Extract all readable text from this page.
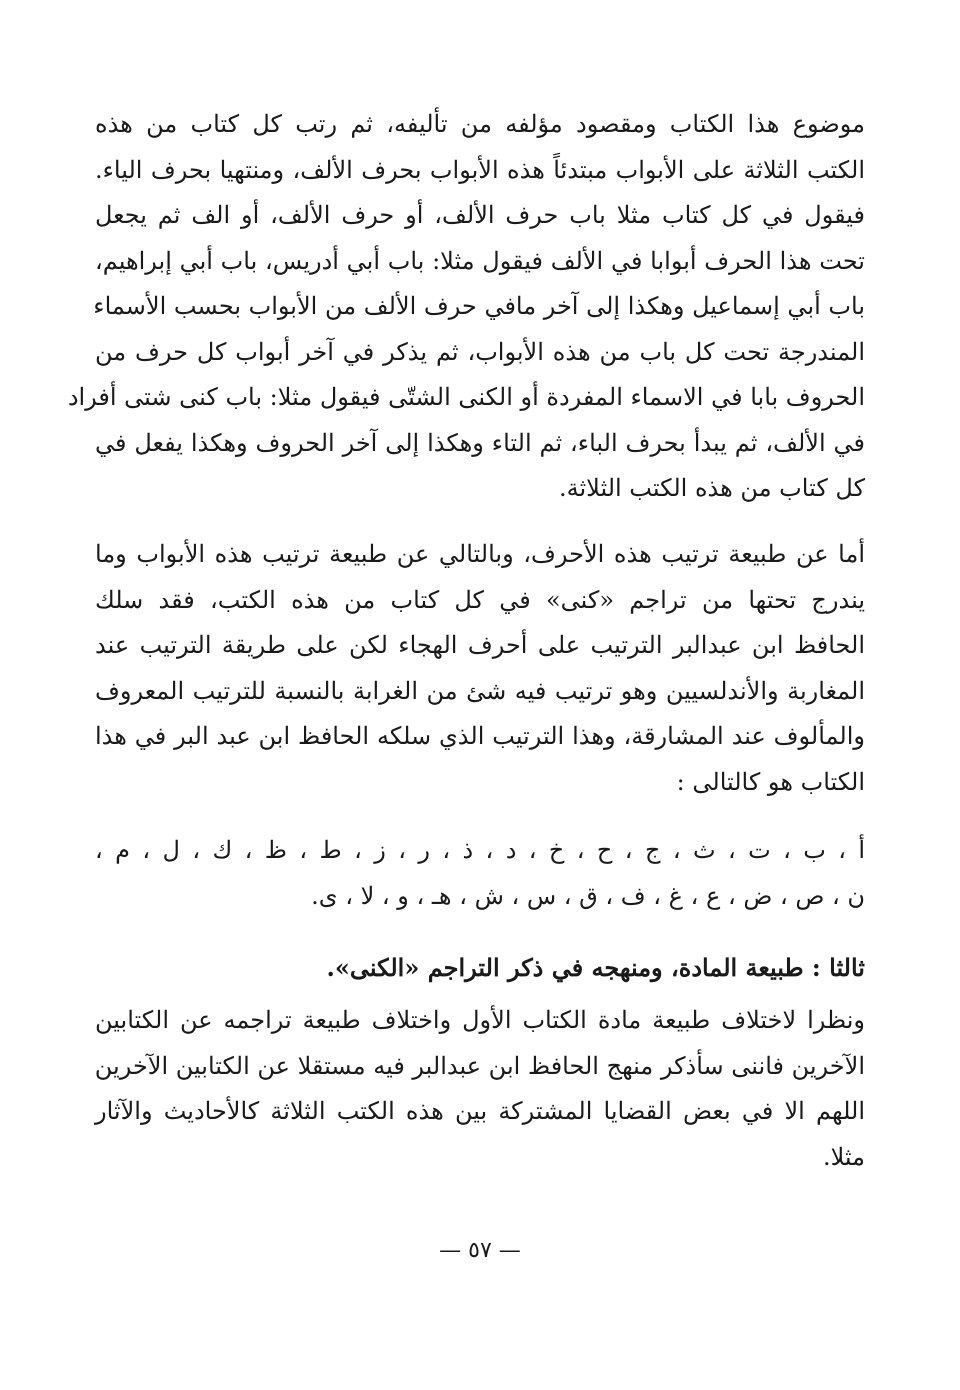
موضوع هذا الكتاب ومقصود مؤلفه من تأليفه، ثم رتب كل كتاب من هذه
الكتب الثلاثة على الأبواب مبتدئاً هذه الأبواب بحرف الألف، ومنتهيا بحرف الياء.
فيقول في كل كتاب مثلا باب حرف الألف، أو حرف الألف، أو الف ثم يجعل
تحت هذا الحرف أبوابا في الألف فيقول مثلا: باب أبي أدريس، باب أبي إبراهيم،
باب أبي إسماعيل وهكذا إلى آخر مافي حرف الألف من الأبواب بحسب الأسماء
المندرجة تحت كل باب من هذه الأبواب، ثم يذكر في آخر أبواب كل حرف من
الحروف بابا في الاسماء المفردة أو الكنى الشتّى فيقول مثلا: باب كنى شتى أفراد
في الألف، ثم يبدأ بحرف الباء، ثم التاء وهكذا إلى آخر الحروف وهكذا يفعل في
كل كتاب من هذه الكتب الثلاثة.
أما عن طبيعة ترتيب هذه الأحرف، وبالتالي عن طبيعة ترتيب هذه الأبواب وما
يندرج تحتها من تراجم «كنى» في كل كتاب من هذه الكتب، فقد سلك
الحافظ ابن عبدالبر الترتيب على أحرف الهجاء لكن على طريقة الترتيب عند
المغاربة والأندلسيين وهو ترتيب فيه شئ من الغرابة بالنسبة للترتيب المعروف
والمألوف عند المشارقة، وهذا الترتيب الذي سلكه الحافظ ابن عبد البر في هذا
الكتاب هو كالتالى :
أ ، ب ، ت ، ث ، ج ، ح ، خ ، د ، ذ ، ر ، ز ، ط ، ظ ، ك ، ل ، م ،
ن ، ص ، ض ، ع ، غ ، ف ، ق ، س ، ش ، هـ ، و ، لا ، ى.
ثالثا : طبيعة المادة، ومنهجه في ذكر التراجم «الكنى».
ونظرا لاختلاف طبيعة مادة الكتاب الأول واختلاف طبيعة تراجمه عن الكتابين
الآخرين فاننى سأذكر منهج الحافظ ابن عبدالبر فيه مستقلا عن الكتابين الآخرين
اللهم الا في بعض القضايا المشتركة بين هذه الكتب الثلاثة كالأحاديث والآثار
مثلا.
— ٥٧ —
